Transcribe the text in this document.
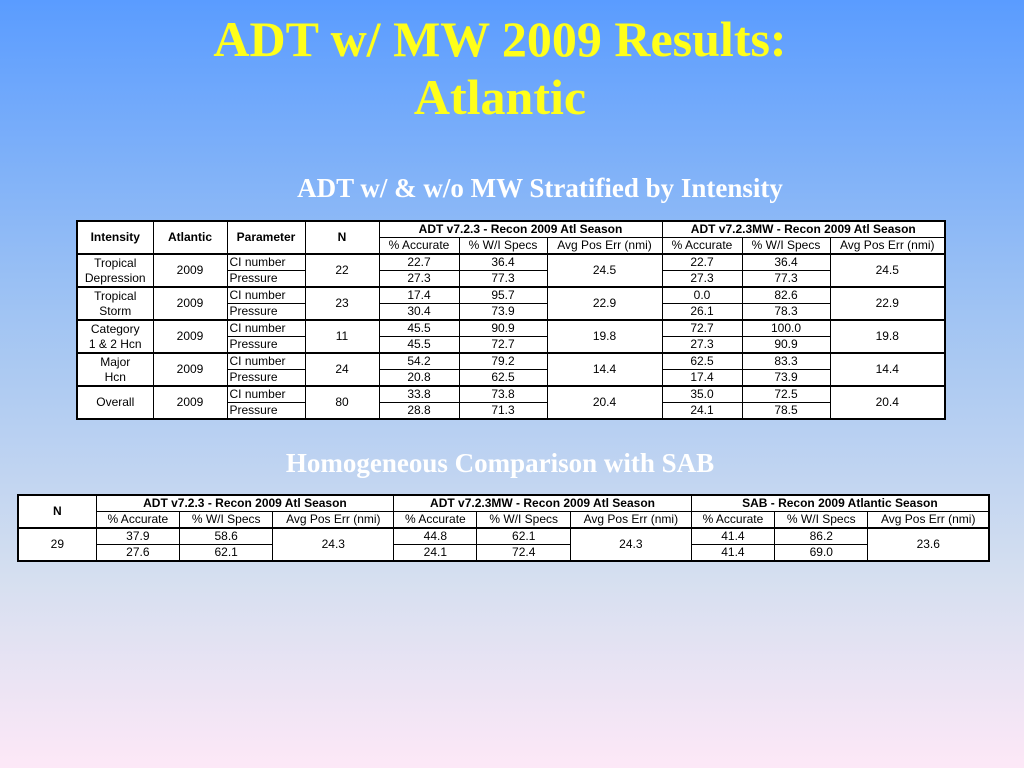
ADT w/ MW 2009 Results:
Atlantic
ADT w/ & w/o MW Stratified by Intensity
Intensity	Atlantic	Parameter	N	ADT v7.2.3 - Recon 2009 Atl Season			ADT v7.2.3MW - Recon 2009 Atl Season		
				% Accurate	% W/I Specs	Avg Pos Err (nmi)	% Accurate	% W/I Specs	Avg Pos Err (nmi)

Tropical
Depression	2009	CI number	22	22.7	36.4	24.5	22.7	36.4	24.5
		Pressure		27.3	77.3		27.3	77.3	

Tropical
Storm	2009	CI number	23	17.4	95.7	22.9	0.0	82.6	22.9
		Pressure		30.4	73.9		26.1	78.3	

Category
1 & 2 Hcn	2009	CI number	11	45.5	90.9	19.8	72.7	100.0	19.8
		Pressure		45.5	72.7		27.3	90.9	

Major
Hcn	2009	CI number	24	54.2	79.2	14.4	62.5	83.3	14.4
		Pressure		20.8	62.5		17.4	73.9	

Overall	2009	CI number	80	33.8	73.8	20.4	35.0	72.5	20.4
		Pressure		28.8	71.3		24.1	78.5	
Homogeneous Comparison with SAB
N	ADT v7.2.3 - Recon 2009 Atl Season			ADT v7.2.3MW - Recon 2009 Atl Season			SAB - Recon 2009 Atlantic Season		
	% Accurate	% W/I Specs	Avg Pos Err (nmi)	% Accurate	% W/I Specs	Avg Pos Err (nmi)	% Accurate	% W/I Specs	Avg Pos Err (nmi)
29	37.9	58.6	24.3	44.8	62.1	24.3	41.4	86.2	23.6
	27.6	62.1		24.1	72.4		41.4	69.0	
